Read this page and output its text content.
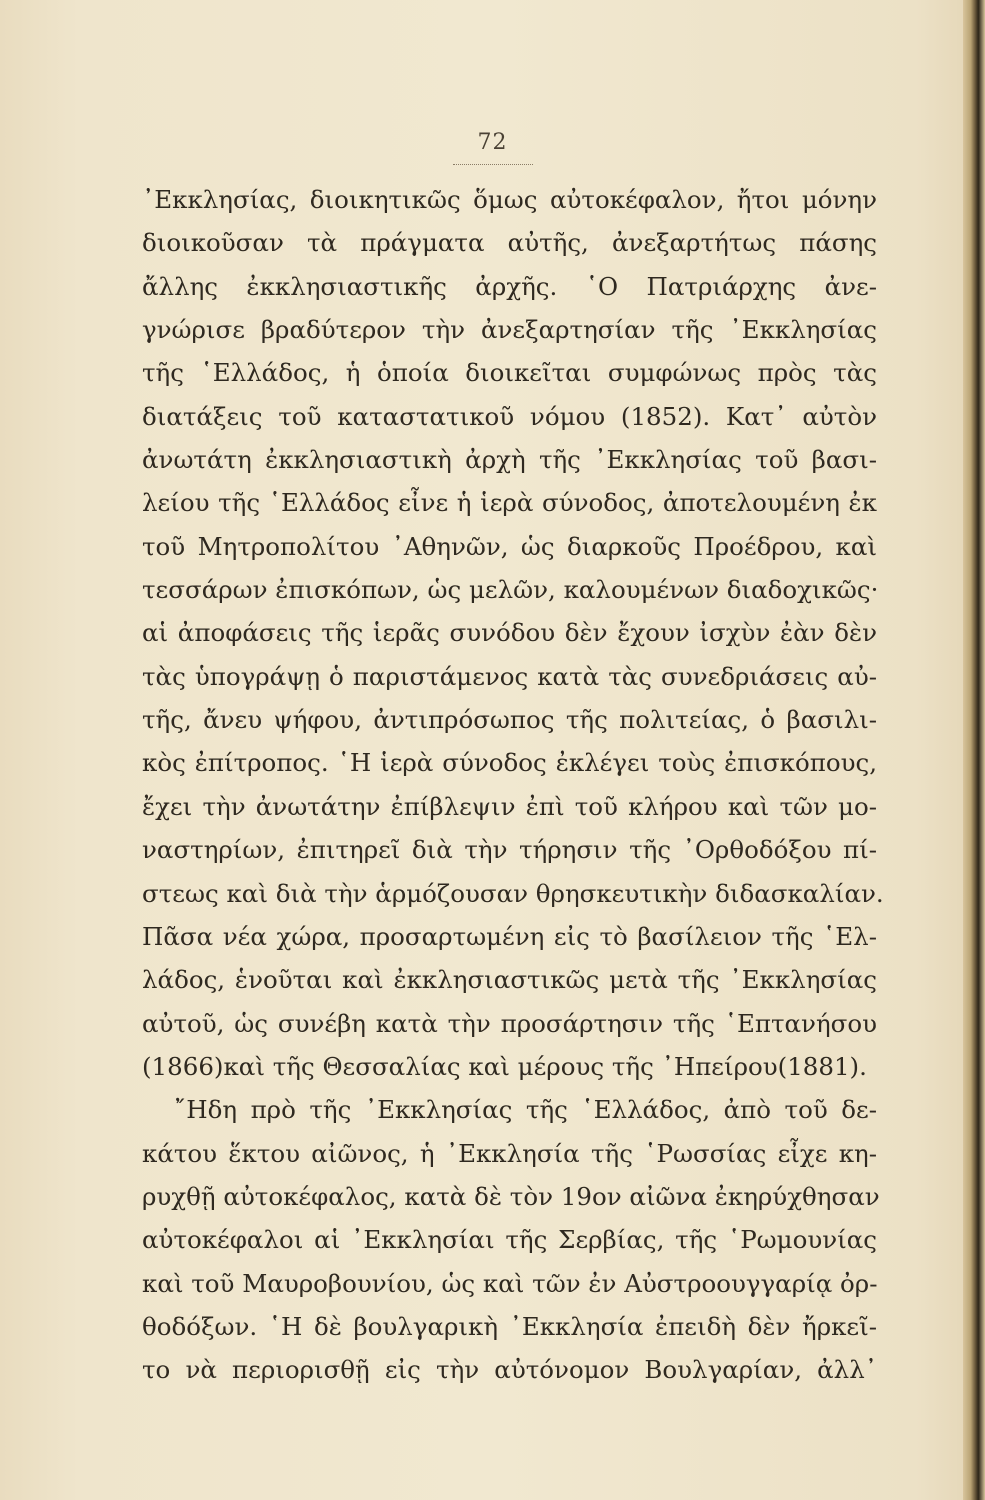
72
᾿Εκκλησίας, διοικητικῶς ὅμως αὐτοκέφαλον, ἤτοι μόνην
διοικοῦσαν τὰ πράγματα αὐτῆς, ἀνεξαρτήτως πάσης
ἄλλης ἐκκλησιαστικῆς ἀρχῆς. ῾Ο Πατριάρχης ἀνε-
γνώρισε βραδύτερον τὴν ἀνεξαρτησίαν τῆς ᾿Εκκλησίας
τῆς ῾Ελλάδος, ἡ ὁποία διοικεῖται συμφώνως πρὸς τὰς
διατάξεις τοῦ καταστατικοῦ νόμου (1852). Κατ᾿ αὐτὸν
ἀνωτάτη ἐκκλησιαστικὴ ἀρχὴ τῆς ᾿Εκκλησίας τοῦ βασι-
λείου τῆς ῾Ελλάδος εἶνε ἡ ἱερὰ σύνοδος, ἀποτελουμένη ἐκ
τοῦ Μητροπολίτου ᾿Αθηνῶν, ὡς διαρκοῦς Προέδρου, καὶ
τεσσάρων ἐπισκόπων, ὡς μελῶν, καλουμένων διαδοχικῶς·
αἱ ἀποφάσεις τῆς ἱερᾶς συνόδου δὲν ἔχουν ἰσχὺν ἐὰν δὲν
τὰς ὑπογράψῃ ὁ παριστάμενος κατὰ τὰς συνεδριάσεις αὐ-
τῆς, ἄνευ ψήφου, ἀντιπρόσωπος τῆς πολιτείας, ὁ βασιλι-
κὸς ἐπίτροπος. ῾Η ἱερὰ σύνοδος ἐκλέγει τοὺς ἐπισκόπους,
ἔχει τὴν ἀνωτάτην ἐπίβλεψιν ἐπὶ τοῦ κλήρου καὶ τῶν μο-
ναστηρίων, ἐπιτηρεῖ διὰ τὴν τήρησιν τῆς ᾿Ορθοδόξου πί-
στεως καὶ διὰ τὴν ἁρμόζουσαν θρησκευτικὴν διδασκαλίαν.
Πᾶσα νέα χώρα, προσαρτωμένη εἰς τὸ βασίλειον τῆς ῾Ελ-
λάδος, ἑνοῦται καὶ ἐκκλησιαστικῶς μετὰ τῆς ᾿Εκκλησίας
αὐτοῦ, ὡς συνέβη κατὰ τὴν προσάρτησιν τῆς ῾Επτανήσου
(1866)καὶ τῆς Θεσσαλίας καὶ μέρους τῆς ᾿Ηπείρου(1881).
῎Ηδη πρὸ τῆς ᾿Εκκλησίας τῆς ῾Ελλάδος, ἀπὸ τοῦ δε-
κάτου ἕκτου αἰῶνος, ἡ ᾿Εκκλησία τῆς ῾Ρωσσίας εἶχε κη-
ρυχθῇ αὐτοκέφαλος, κατὰ δὲ τὸν 19ον αἰῶνα ἐκηρύχθησαν
αὐτοκέφαλοι αἱ ᾿Εκκλησίαι τῆς Σερβίας, τῆς ῾Ρωμουνίας
καὶ τοῦ Μαυροβουνίου, ὡς καὶ τῶν ἐν Αὐστροουγγαρίᾳ ὀρ-
θοδόξων. ῾Η δὲ βουλγαρικὴ ᾿Εκκλησία ἐπειδὴ δὲν ἤρκεῖ-
το νὰ περιορισθῇ εἰς τὴν αὐτόνομον Βουλγαρίαν, ἀλλ᾿
